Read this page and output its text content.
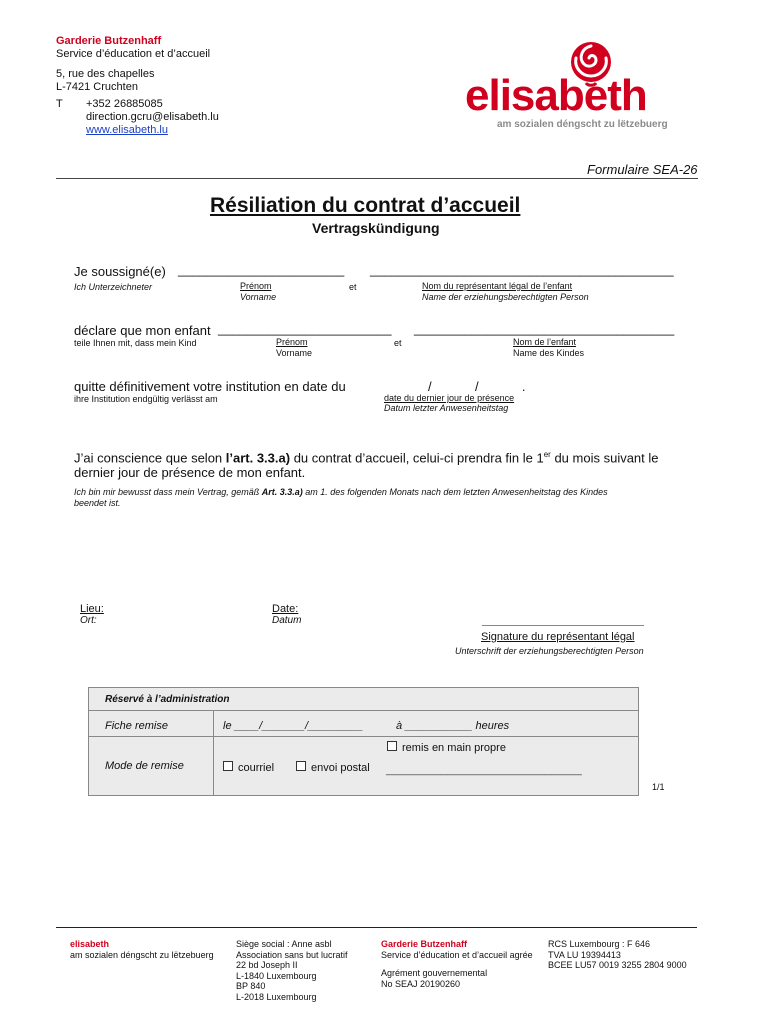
Garderie Butzenhaff
Service d’éducation et d’accueil
5, rue des chapelles
L-7421 Cruchten
T +352 26885085
direction.gcru@elisabeth.lu
www.elisabeth.lu
elisabeth
am sozialen déngscht zu lëtzebuerg
Formulaire SEA-26
Résiliation du contrat d’accueil
Vertragskündigung
Je soussigné(e) _______________________ __________________________________________
Ich Unterzeichneter	Prénom
Vorname
et	Nom du représentant légal de l’enfant
Name der erziehungsberechtigten Person
déclare que mon enfant ________________________ ____________________________________
teile Ihnen mit, dass mein Kind	Prénom
Vorname
et	Nom de l’enfant
Name des Kindes
quitte définitivement votre institution en date du	/            /            .
ihre Institution endgültig verlässt am	date du dernier jour de présence
Datum letzter Anwesenheitstag
J’ai conscience que selon l’art. 3.3.a) du contrat d’accueil, celui-ci prendra fin le 1er du mois suivant le
dernier jour de présence de mon enfant.
Ich bin mir bewusst dass mein Vertrag, gemäß Art. 3.3.a) am 1. des folgenden Monats nach dem letzten Anwesenheitstag des Kindes
beendet ist.
Lieu:
Ort:
Date:
Datum
Signature du représentant légal
Unterschrift der erziehungsberechtigten Person
Réservé à l’administration
Fiche remise	le ____/_______/_________	à ___________ heures
remis en main propre
Mode de remise	courriel	envoi postal ________________________________
1/1
elisabeth
am sozialen déngscht zu lëtzebuerg
Siège social : Anne asbl
Association sans but lucratif
22 bd Joseph II
L-1840 Luxembourg
BP 840
L-2018 Luxembourg
Garderie Butzenhaff
Service d’éducation et d’accueil agrée
Agrément gouvernemental
No SEAJ 20190260
RCS Luxembourg : F 646
TVA LU 19394413
BCEE LU57 0019 3255 2804 9000
